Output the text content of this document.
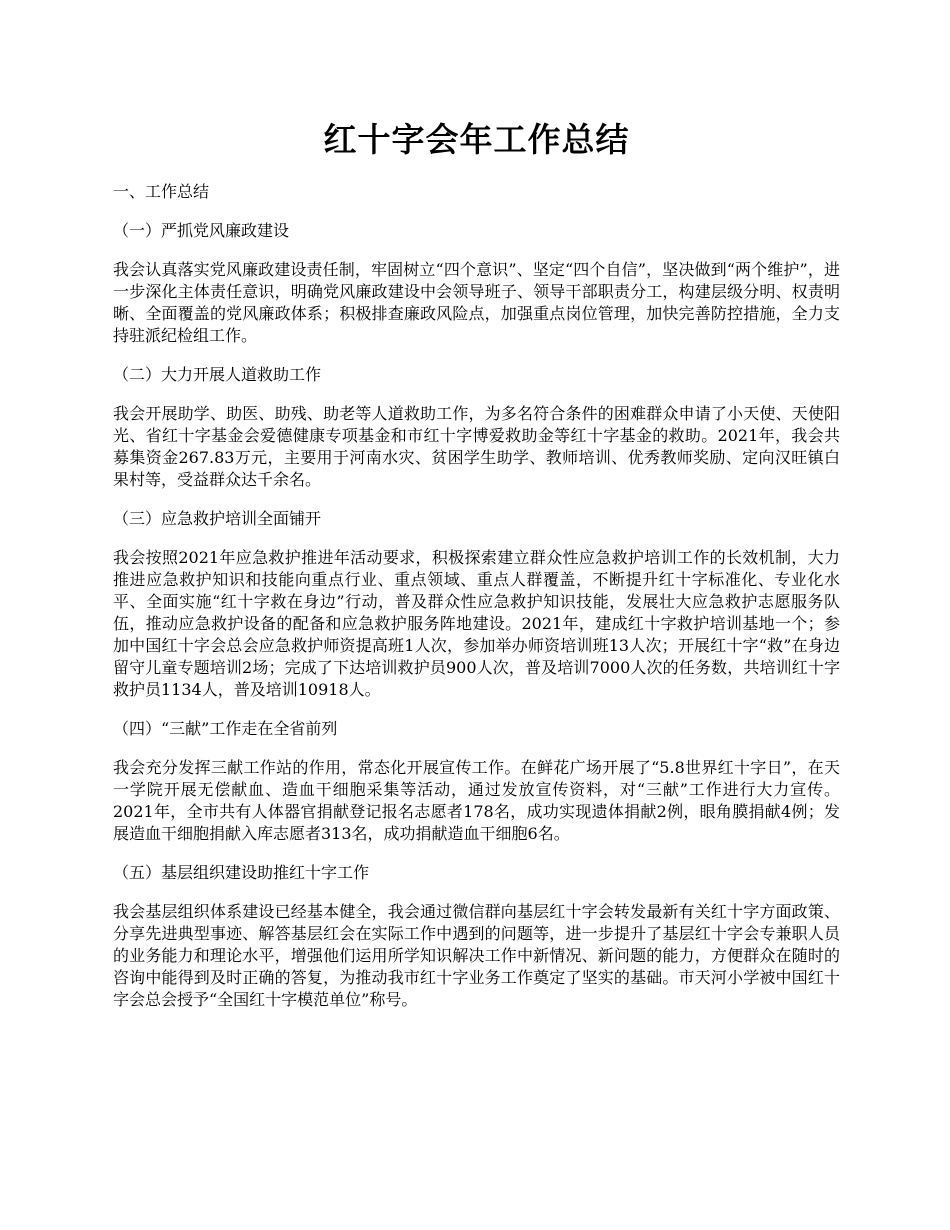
红十字会年工作总结
一、工作总结
（一）严抓党风廉政建设
我会认真落实党风廉政建设责任制，牢固树立“四个意识”、坚定“四个自信”，坚决做到“两个维护”，进一步深化主体责任意识，明确党风廉政建设中会领导班子、领导干部职责分工，构建层级分明、权责明晰、全面覆盖的党风廉政体系；积极排查廉政风险点，加强重点岗位管理，加快完善防控措施，全力支持驻派纪检组工作。
（二）大力开展人道救助工作
我会开展助学、助医、助残、助老等人道救助工作，为多名符合条件的困难群众申请了小天使、天使阳光、省红十字基金会爱德健康专项基金和市红十字博爱救助金等红十字基金的救助。2021年，我会共募集资金267.83万元，主要用于河南水灾、贫困学生助学、教师培训、优秀教师奖励、定向汉旺镇白果村等，受益群众达千余名。
（三）应急救护培训全面铺开
我会按照2021年应急救护推进年活动要求，积极探索建立群众性应急救护培训工作的长效机制，大力推进应急救护知识和技能向重点行业、重点领域、重点人群覆盖，不断提升红十字标准化、专业化水平、全面实施“红十字救在身边”行动，普及群众性应急救护知识技能，发展壮大应急救护志愿服务队伍，推动应急救护设备的配备和应急救护服务阵地建设。2021年，建成红十字救护培训基地一个；参加中国红十字会总会应急救护师资提高班1人次，参加举办师资培训班13人次；开展红十字“救”在身边留守儿童专题培训2场；完成了下达培训救护员900人次，普及培训7000人次的任务数，共培训红十字救护员1134人，普及培训10918人。
（四）“三献”工作走在全省前列
我会充分发挥三献工作站的作用，常态化开展宣传工作。在鲜花广场开展了“5.8世界红十字日”，在天一学院开展无偿献血、造血干细胞采集等活动，通过发放宣传资料，对“三献”工作进行大力宣传。2021年，全市共有人体器官捐献登记报名志愿者178名，成功实现遗体捐献2例，眼角膜捐献4例；发展造血干细胞捐献入库志愿者313名，成功捐献造血干细胞6名。
（五）基层组织建设助推红十字工作
我会基层组织体系建设已经基本健全，我会通过微信群向基层红十字会转发最新有关红十字方面政策、分享先进典型事迹、解答基层红会在实际工作中遇到的问题等，进一步提升了基层红十字会专兼职人员的业务能力和理论水平，增强他们运用所学知识解决工作中新情况、新问题的能力，方便群众在随时的咨询中能得到及时正确的答复，为推动我市红十字业务工作奠定了坚实的基础。市天河小学被中国红十字会总会授予“全国红十字模范单位”称号。
